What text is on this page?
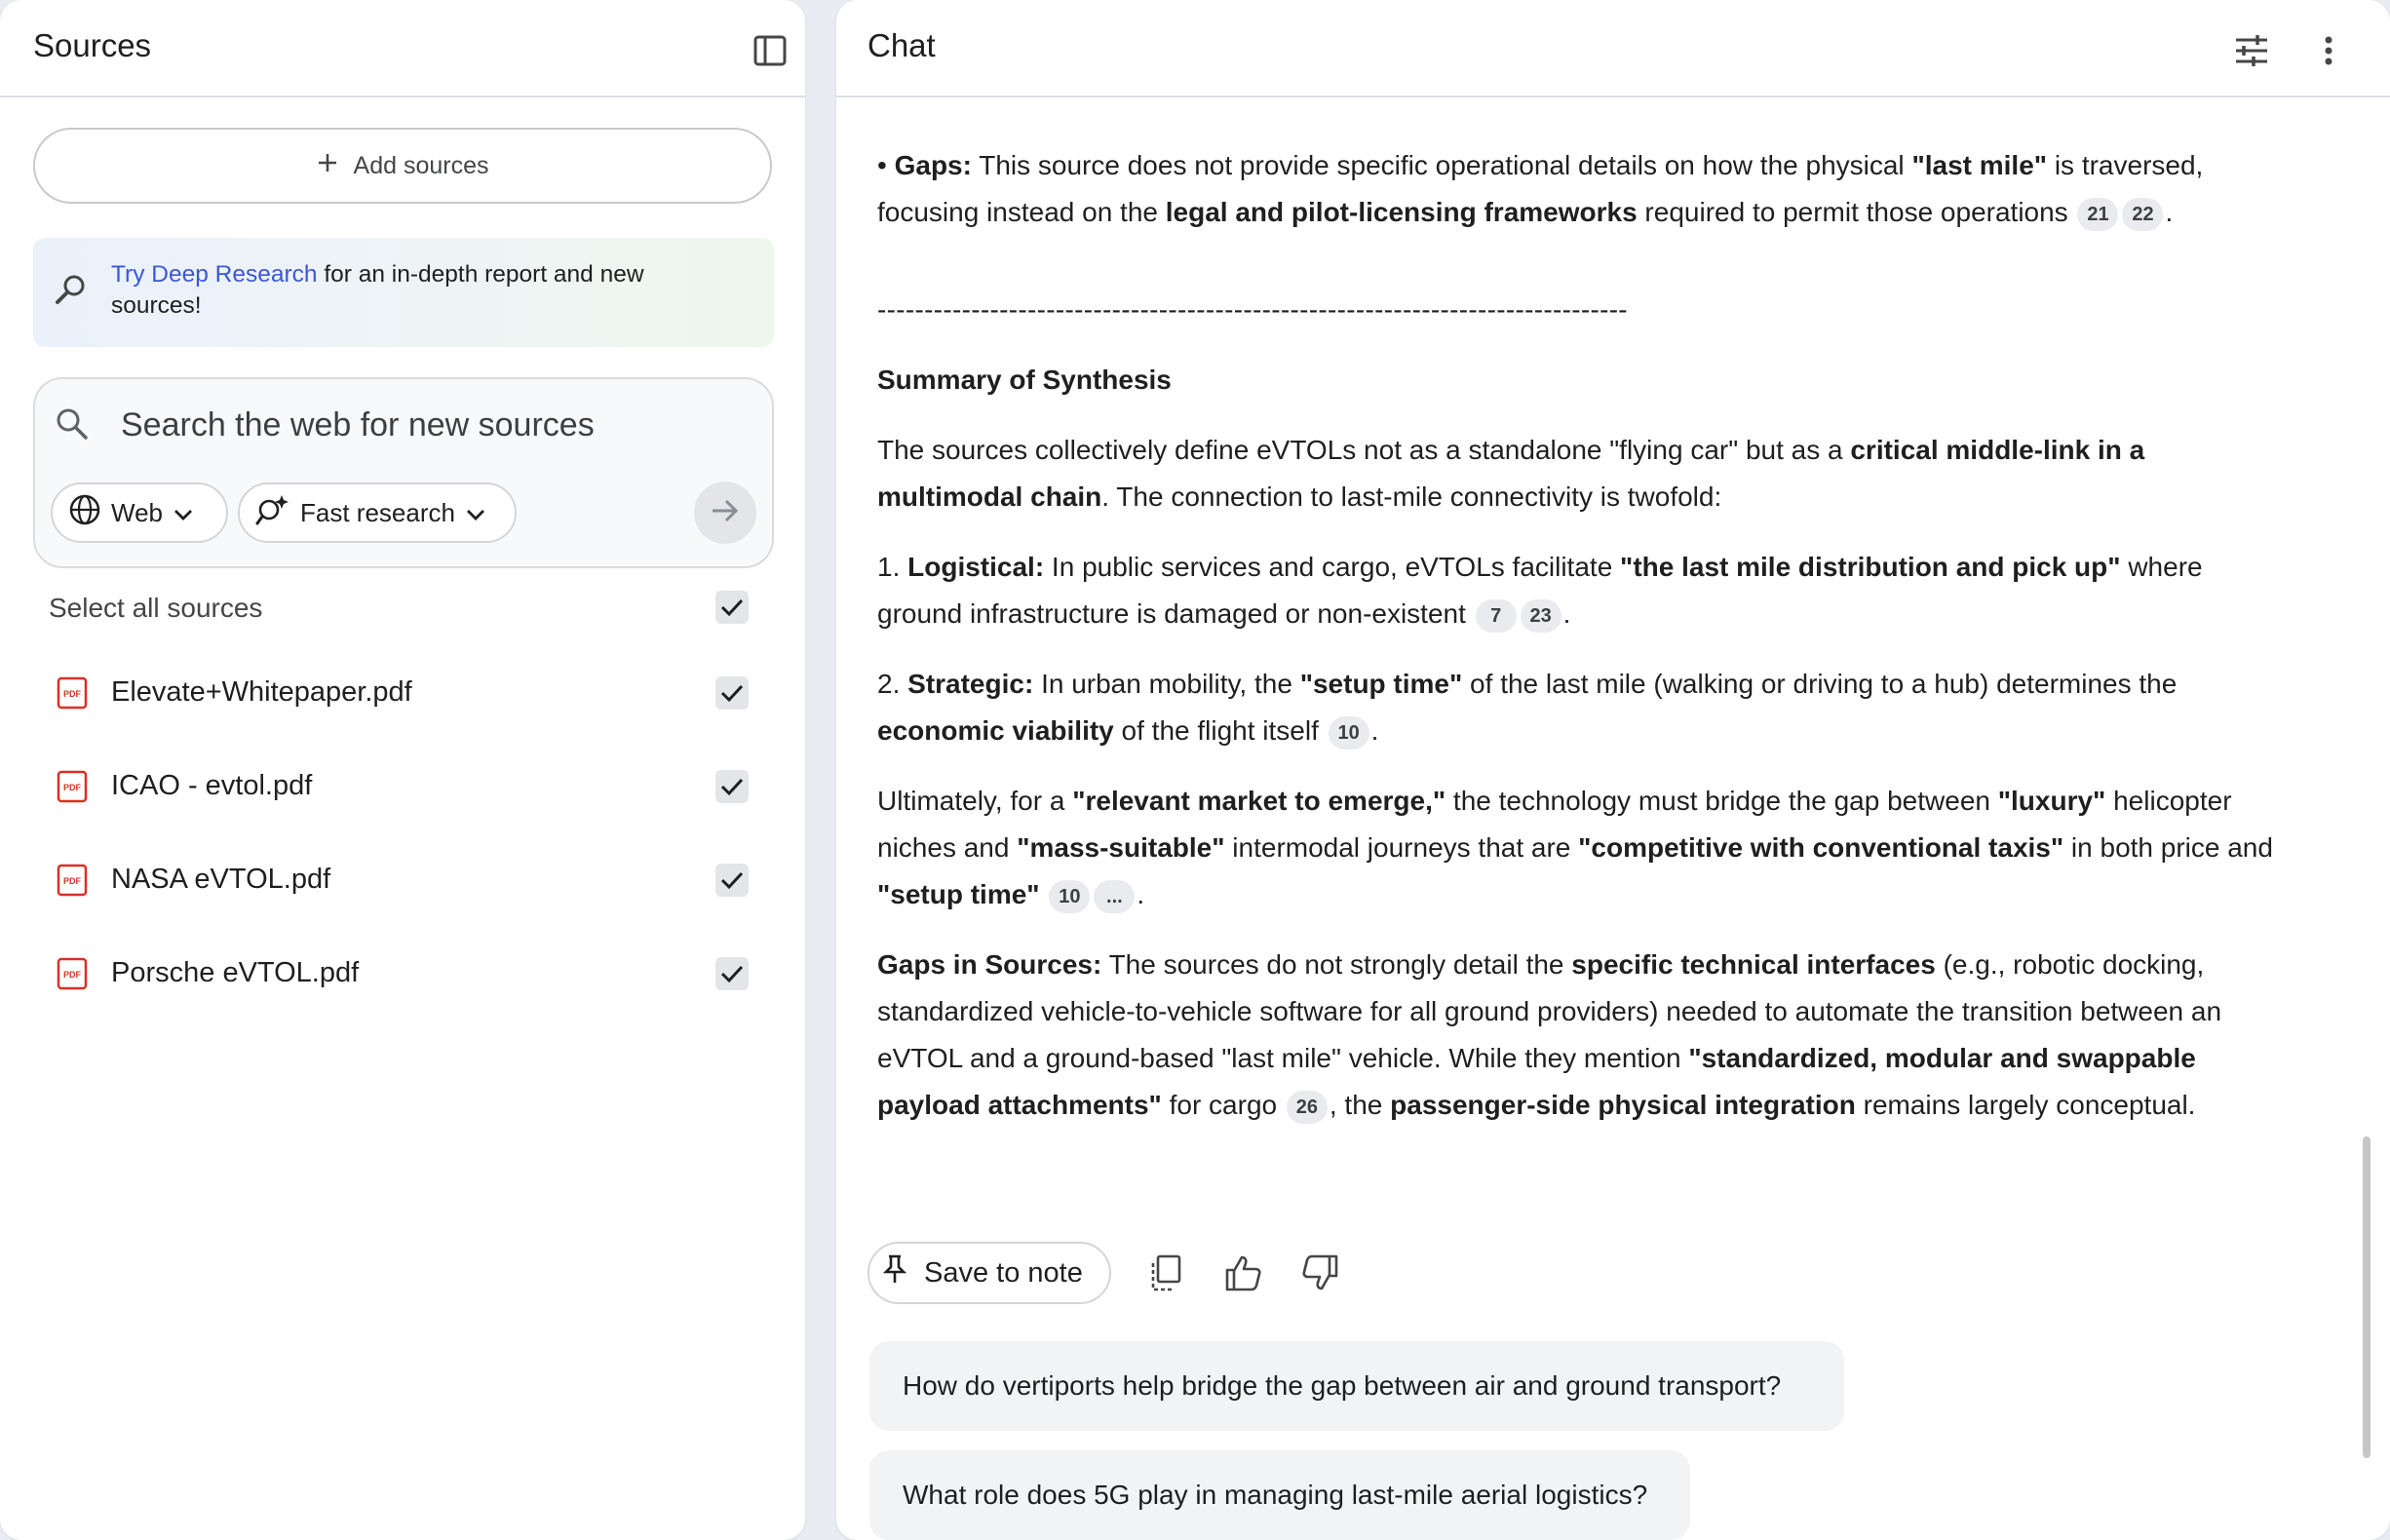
Sources
Add sources
Try Deep Research for an in-depth report and new sources!
Search the web for new sources
Web	Fast research
Select all sources
PDF Elevate+Whitepaper.pdf
PDF ICAO - evtol.pdf
PDF NASA eVTOL.pdf
PDF Porsche eVTOL.pdf
Chat

• Gaps: This source does not provide specific operational details on how the physical "last mile" is traversed, focusing instead on the legal and pilot-licensing frameworks required to permit those operations 21 22 .

--------------------------------------------------------------------------------

Summary of Synthesis

The sources collectively define eVTOLs not as a standalone "flying car" but as a critical middle-link in a multimodal chain. The connection to last-mile connectivity is twofold:

1. Logistical: In public services and cargo, eVTOLs facilitate "the last mile distribution and pick up" where ground infrastructure is damaged or non-existent 7 23 .

2. Strategic: In urban mobility, the "setup time" of the last mile (walking or driving to a hub) determines the economic viability of the flight itself 10 .

Ultimately, for a "relevant market to emerge," the technology must bridge the gap between "luxury" helicopter niches and "mass-suitable" intermodal journeys that are "competitive with conventional taxis" in both price and "setup time" 10 ... .

Gaps in Sources: The sources do not strongly detail the specific technical interfaces (e.g., robotic docking, standardized vehicle-to-vehicle software for all ground providers) needed to automate the transition between an eVTOL and a ground-based "last mile" vehicle. While they mention "standardized, modular and swappable payload attachments" for cargo 26 , the passenger-side physical integration remains largely conceptual.

Save to note
How do vertiports help bridge the gap between air and ground transport?
What role does 5G play in managing last-mile aerial logistics?
